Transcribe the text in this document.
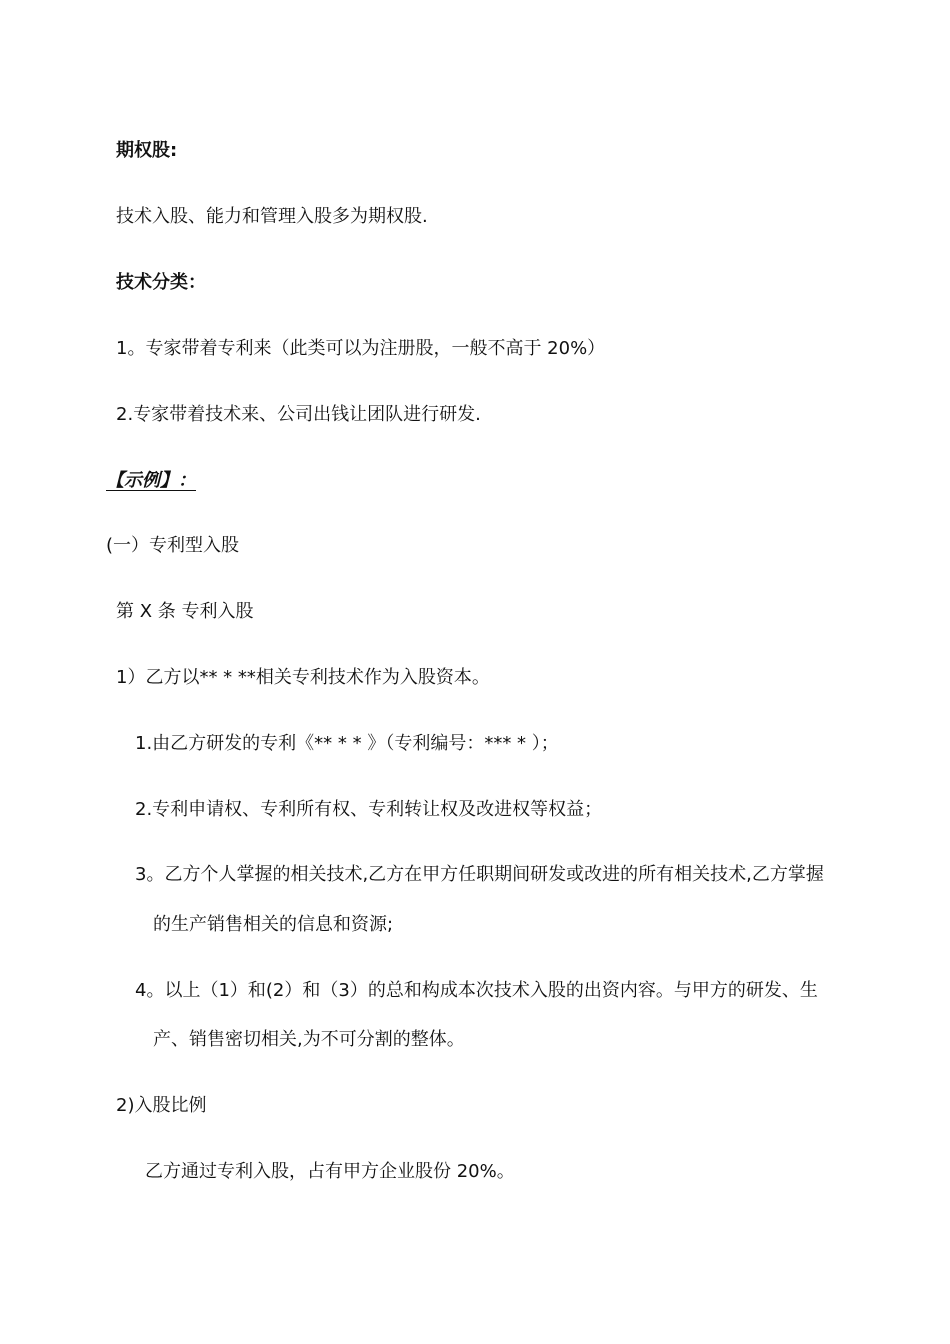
期权股:
技术入股、能力和管理入股多为期权股.
技术分类：
1。专家带着专利来（此类可以为注册股，一般不高于 20%）
2.专家带着技术来、公司出钱让团队进行研发.
【示例】：
(一）专利型入股
第 X 条 专利入股
1）乙方以** * **相关专利技术作为入股资本。
1.由乙方研发的专利《** * * 》（专利编号：*** * ）；
2.专利申请权、专利所有权、专利转让权及改进权等权益；
3。乙方个人掌握的相关技术,乙方在甲方任职期间研发或改进的所有相关技术,乙方掌握
的生产销售相关的信息和资源;
4。以上（1）和(2）和（3）的总和构成本次技术入股的出资内容。与甲方的研发、生
产、销售密切相关,为不可分割的整体。
2)入股比例
乙方通过专利入股，占有甲方企业股份 20%。
